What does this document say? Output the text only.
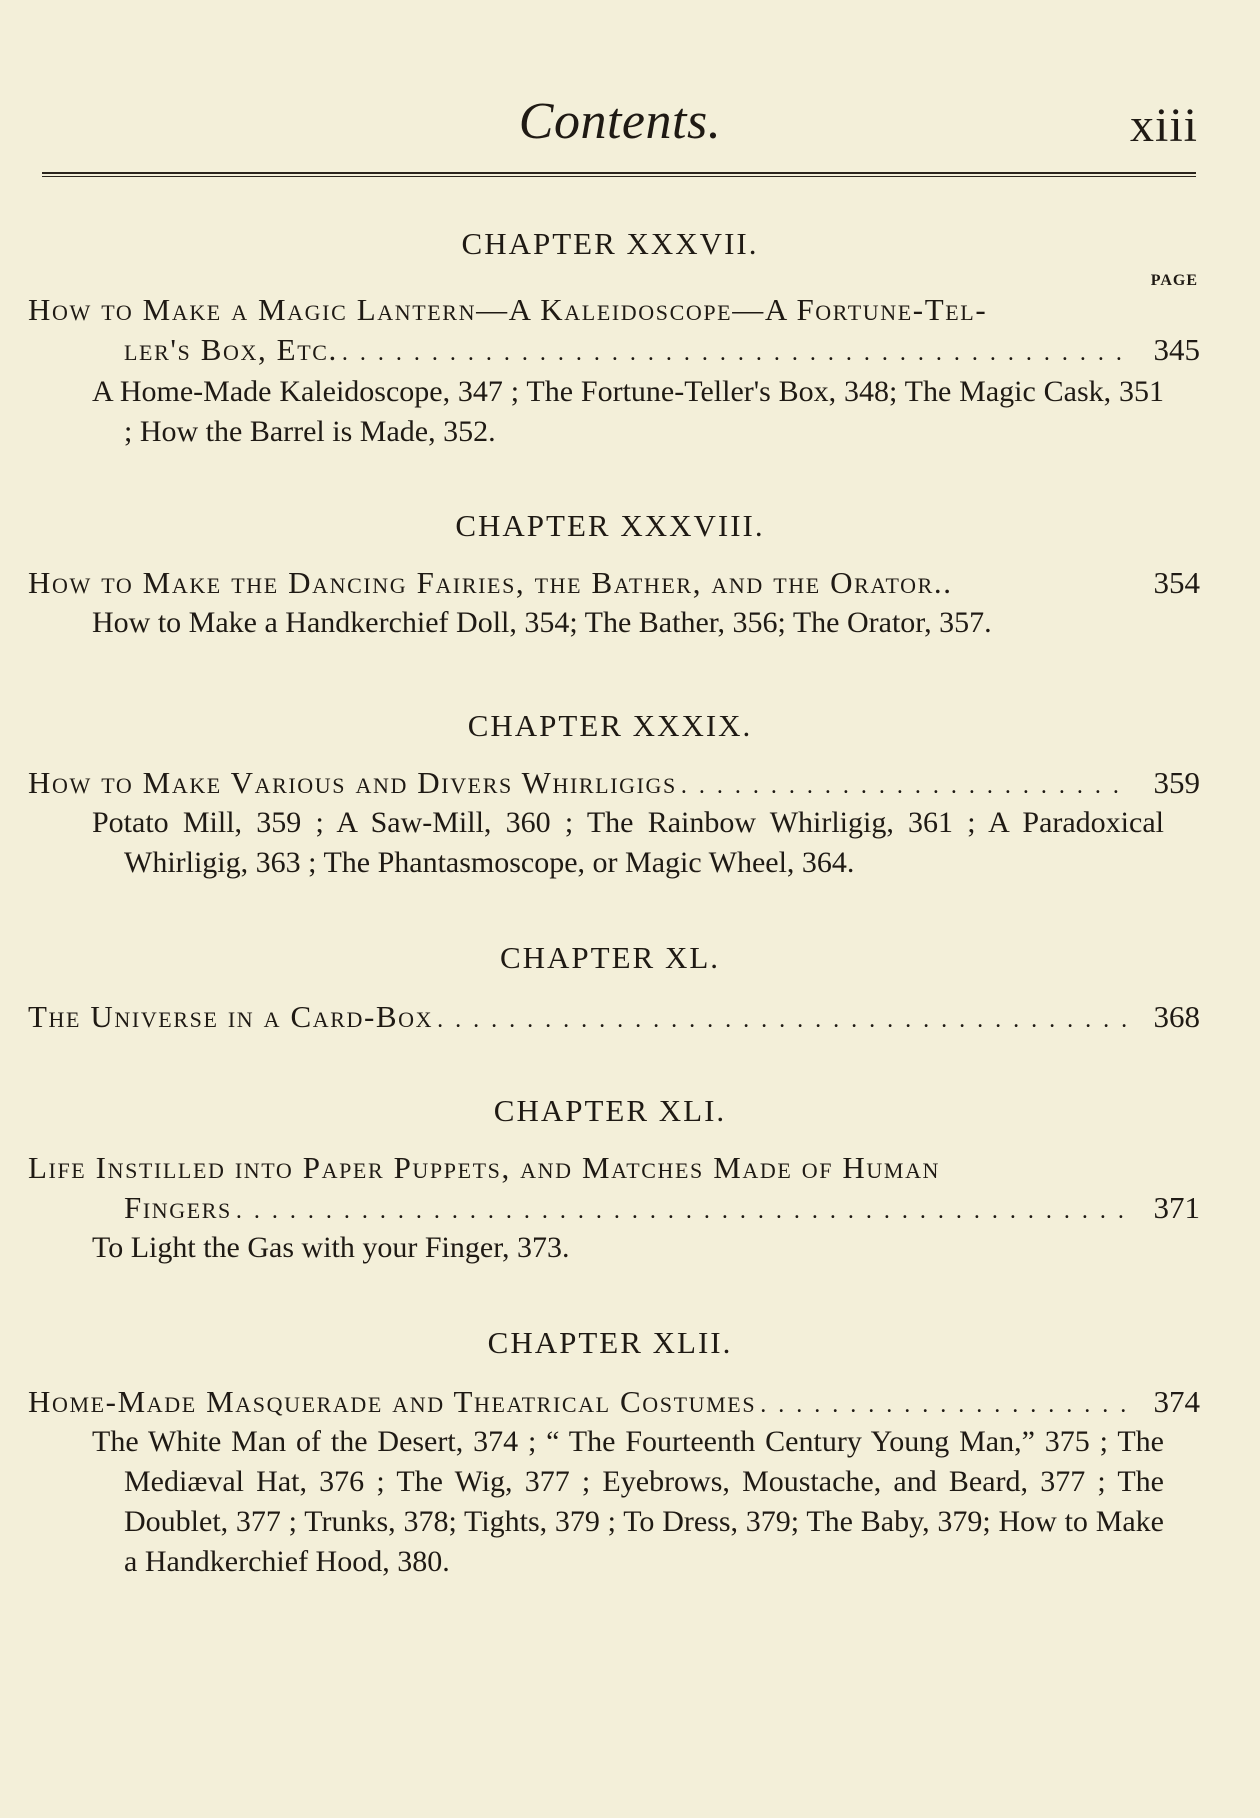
Contents.	xiii
CHAPTER XXXVII.
PAGE
How to Make a Magic Lantern—A Kaleidoscope—A Fortune-Tel-
ler's Box, Etc. . . .	345
A Home-Made Kaleidoscope, 347 ; The Fortune-Teller's Box, 348; The Magic Cask, 351 ; How the Barrel is Made, 352.
CHAPTER XXXVIII.
How to Make the Dancing Fairies, the Bather, and the Orator..	354
How to Make a Handkerchief Doll, 354; The Bather, 356; The Orator, 357.
CHAPTER XXXIX.
How to Make Various and Divers Whirligigs . . .	359
Potato Mill, 359 ; A Saw-Mill, 360 ; The Rainbow Whirligig, 361 ; A Paradoxical Whirligig, 363 ; The Phantasmoscope, or Magic Wheel, 364.
CHAPTER XL.
The Universe in a Card-Box . . .	368
CHAPTER XLI.
Life Instilled into Paper Puppets, and Matches Made of Human
Fingers . . .	371
To Light the Gas with your Finger, 373.
CHAPTER XLII.
Home-Made Masquerade and Theatrical Costumes . . .	374
The White Man of the Desert, 374 ; “ The Fourteenth Century Young Man,” 375 ; The Mediæval Hat, 376 ; The Wig, 377 ; Eyebrows, Moustache, and Beard, 377 ; The Doublet, 377 ; Trunks, 378; Tights, 379 ; To Dress, 379; The Baby, 379; How to Make a Handkerchief Hood, 380.
